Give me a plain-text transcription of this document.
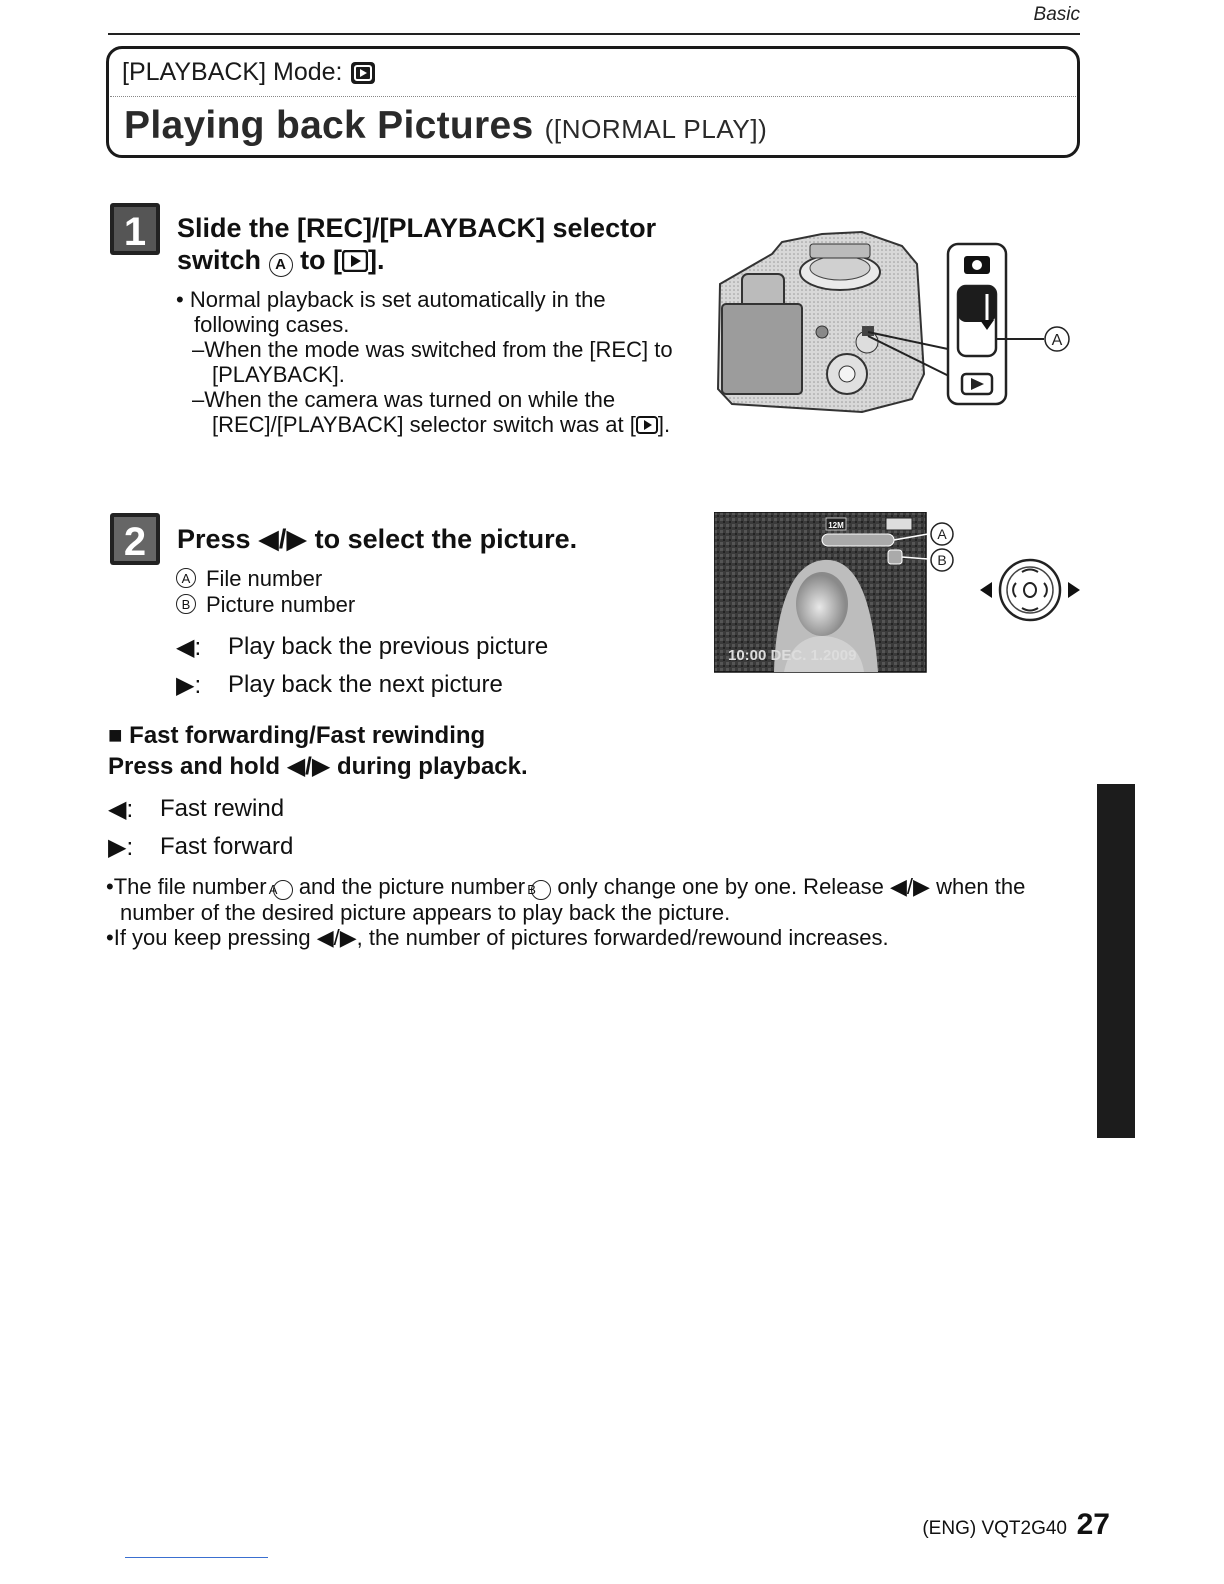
Basic
[PLAYBACK] Mode:
Playing back Pictures ([NORMAL PLAY])
1 Slide the [REC]/[PLAYBACK] selector
switch A to [ ].
• Normal playback is set automatically in the following cases.
–When the mode was switched from the [REC] to [PLAYBACK].
–When the camera was turned on while the [REC]/[PLAYBACK] selector switch was at [ ].
A
2 Press ◀/▶ to select the picture.
A File number
B Picture number
◀:	Play back the previous picture
▶:	Play back the next picture
12M
10:00 DEC. 1.2009
A
B
■ Fast forwarding/Fast rewinding
Press and hold ◀/▶ during playback.
◀:	Fast rewind
▶:	Fast forward
•The file number A and the picture number B only change one by one. Release ◀/▶ when the number of the desired picture appears to play back the picture.
•If you keep pressing ◀/▶, the number of pictures forwarded/rewound increases.
(ENG) VQT2G40 27
